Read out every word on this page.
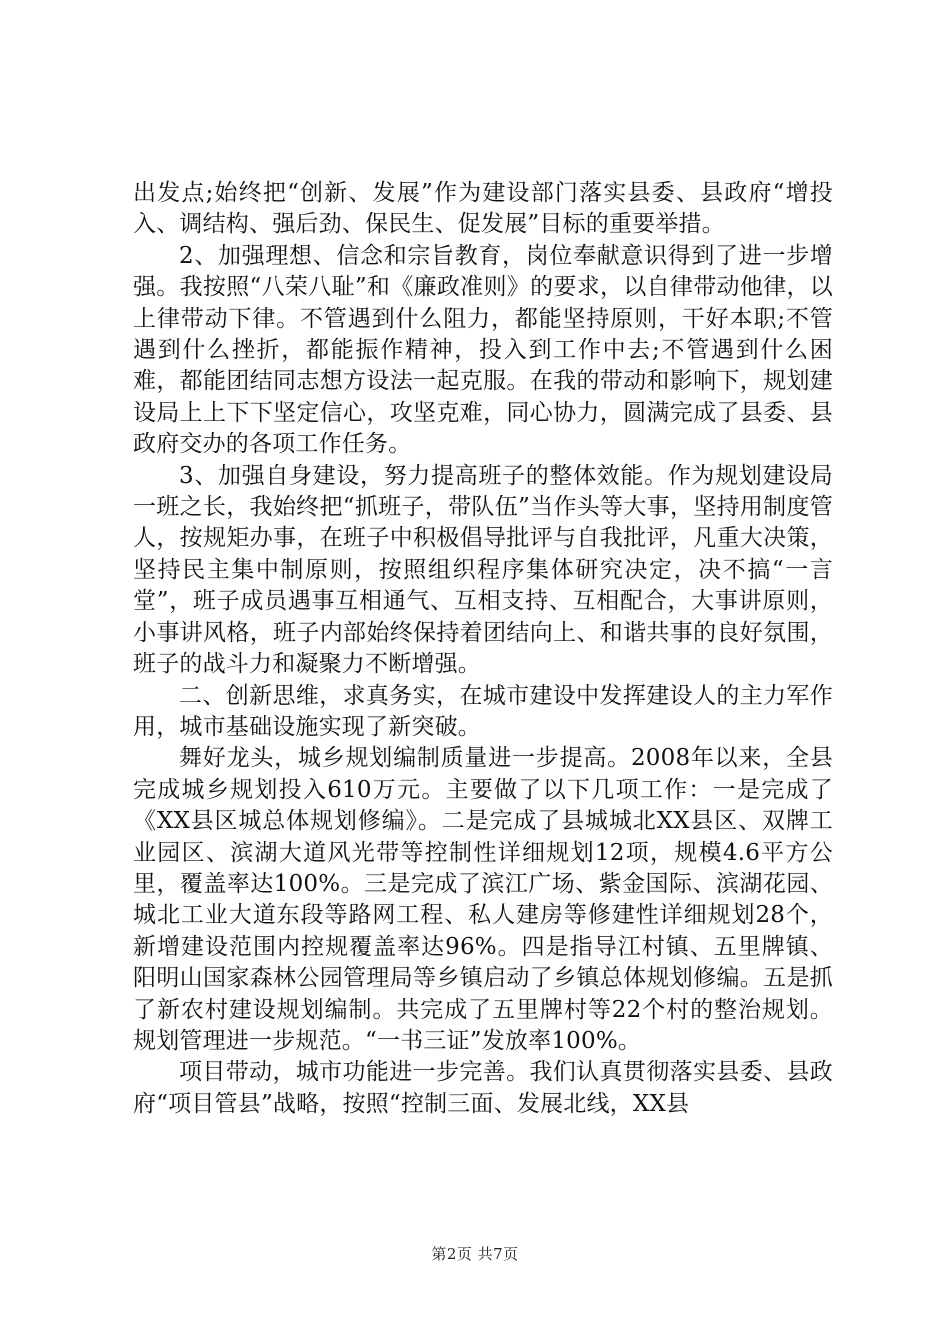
出发点;始终把“创新、发展”作为建设部门落实县委、县政府“增投入、调结构、强后劲、保民生、促发展”目标的重要举措。

2、加强理想、信念和宗旨教育，岗位奉献意识得到了进一步增强。我按照“八荣八耻”和《廉政准则》的要求，以自律带动他律，以上律带动下律。不管遇到什么阻力，都能坚持原则，干好本职;不管遇到什么挫折，都能振作精神，投入到工作中去;不管遇到什么困难，都能团结同志想方设法一起克服。在我的带动和影响下，规划建设局上上下下坚定信心，攻坚克难，同心协力，圆满完成了县委、县政府交办的各项工作任务。

3、加强自身建设，努力提高班子的整体效能。作为规划建设局一班之长，我始终把“抓班子，带队伍”当作头等大事，坚持用制度管人，按规矩办事，在班子中积极倡导批评与自我批评，凡重大决策，坚持民主集中制原则，按照组织程序集体研究决定，决不搞“一言堂”，班子成员遇事互相通气、互相支持、互相配合，大事讲原则，小事讲风格，班子内部始终保持着团结向上、和谐共事的良好氛围，班子的战斗力和凝聚力不断增强。

二、创新思维，求真务实，在城市建设中发挥建设人的主力军作用，城市基础设施实现了新突破。

舞好龙头，城乡规划编制质量进一步提高。2008年以来，全县完成城乡规划投入610万元。主要做了以下几项工作：一是完成了《XX县区城总体规划修编》。二是完成了县城城北XX县区、双牌工业园区、滨湖大道风光带等控制性详细规划12项，规模4.6平方公里，覆盖率达100%。三是完成了滨江广场、紫金国际、滨湖花园、城北工业大道东段等路网工程、私人建房等修建性详细规划28个，新增建设范围内控规覆盖率达96%。四是指导江村镇、五里牌镇、阳明山国家森林公园管理局等乡镇启动了乡镇总体规划修编。五是抓了新农村建设规划编制。共完成了五里牌村等22个村的整治规划。规划管理进一步规范。“一书三证”发放率100%。

项目带动，城市功能进一步完善。我们认真贯彻落实县委、县政府“项目管县”战略，按照“控制三面、发展北线，XX县

第2页 共7页
